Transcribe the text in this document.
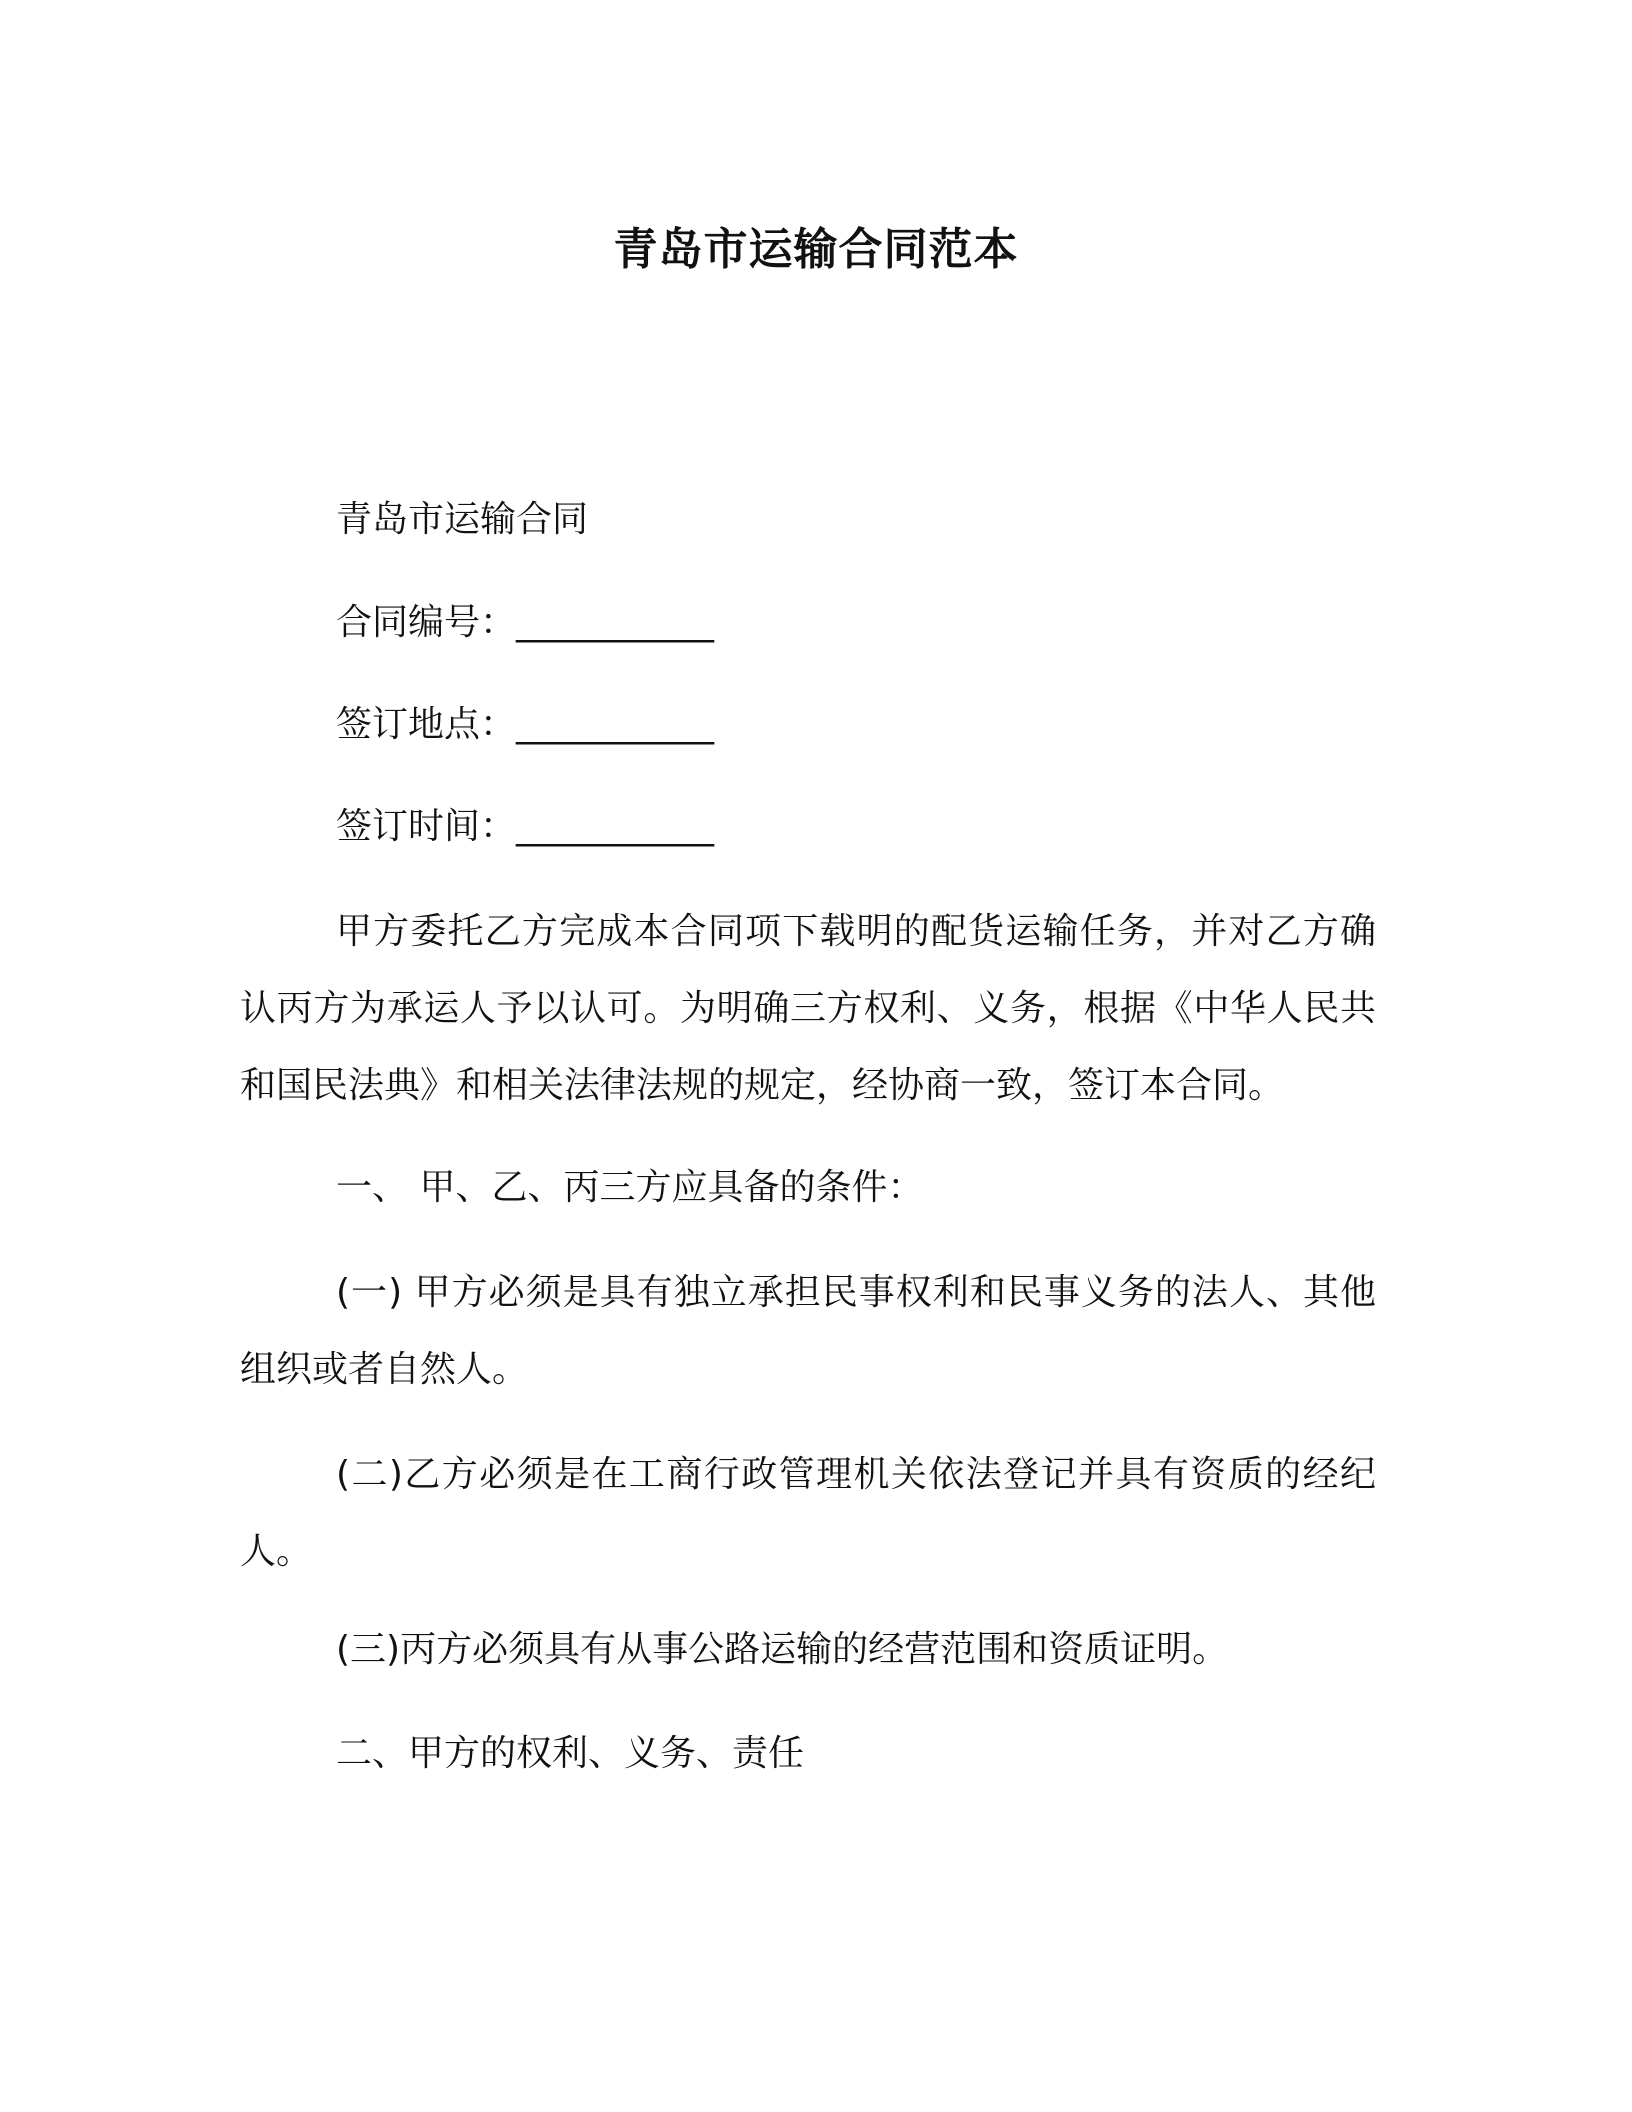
青岛市运输合同范本
青岛市运输合同
合同编号：___________
签订地点：___________
签订时间：___________
甲方委托乙方完成本合同项下载明的配货运输任务，并对乙方确认丙方为承运人予以认可。为明确三方权利、义务，根据《中华人民共和国民法典》和相关法律法规的规定，经协商一致，签订本合同。
一、 甲、乙、丙三方应具备的条件：
(一) 甲方必须是具有独立承担民事权利和民事义务的法人、其他组织或者自然人。
(二)乙方必须是在工商行政管理机关依法登记并具有资质的经纪人。
(三)丙方必须具有从事公路运输的经营范围和资质证明。
二、甲方的权利、义务、责任
